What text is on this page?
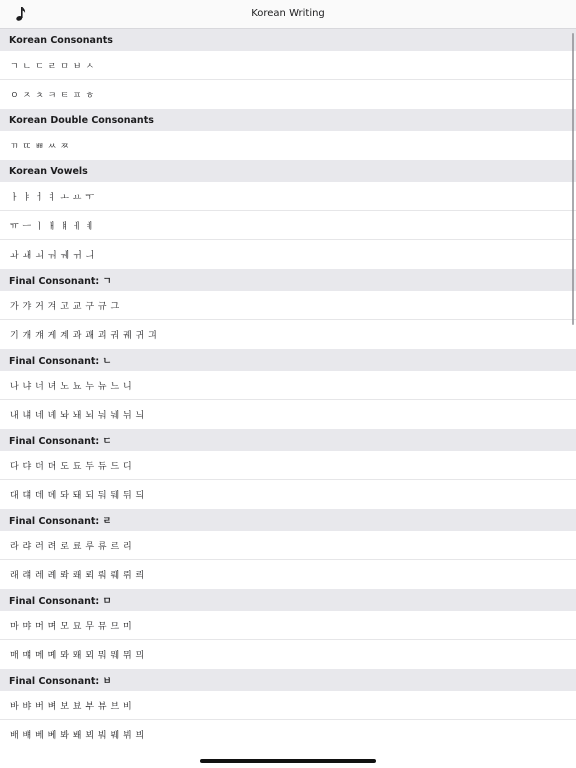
Korean Writing
Korean Consonants
ㄱ ㄴ ㄷ ㄹ ㅁ ㅂ ㅅ
ㅇ ㅈ ㅊ ㅋ ㅌ ㅍ ㅎ
Korean Double Consonants
ㄲ ㄸ ㅃ ㅆ ㅉ
Korean Vowels
ㅏ ㅑ ㅓ ㅕ ㅗ ㅛ ㅜ
ㅠ ㅡ ㅣ ㅐ ㅒ ㅔ ㅖ
ㅘ ㅙ ㅚ ㅝ ㅞ ㅟ ㅢ
Final Consonant: ㄱ
가 갸 거 겨 고 교 구 규 그
기 개 걔 게 계 과 괘 괴 궈 궤 귀 긔
Final Consonant: ㄴ
나 냐 너 녀 노 뇨 누 뉴 느 니
내 냬 네 녜 놔 놰 뇌 눠 눼 뉘 늬
Final Consonant: ㄷ
다 댜 더 뎌 도 됴 두 듀 드 디
대 댸 데 뎨 돠 돼 되 둬 뒈 뒤 듸
Final Consonant: ㄹ
라 랴 러 려 로 료 루 류 르 리
래 럐 레 례 롸 뢔 뢰 뤄 뤠 뤼 릐
Final Consonant: ㅁ
마 먀 머 며 모 묘 무 뮤 므 미
매 먜 메 몌 뫄 뫠 뫼 뭐 뭬 뮈 믜
Final Consonant: ㅂ
바 뱌 버 벼 보 뵤 부 뷰 브 비
배 뱨 베 볘 봐 봬 뵈 붜 붸 뷔 븨
